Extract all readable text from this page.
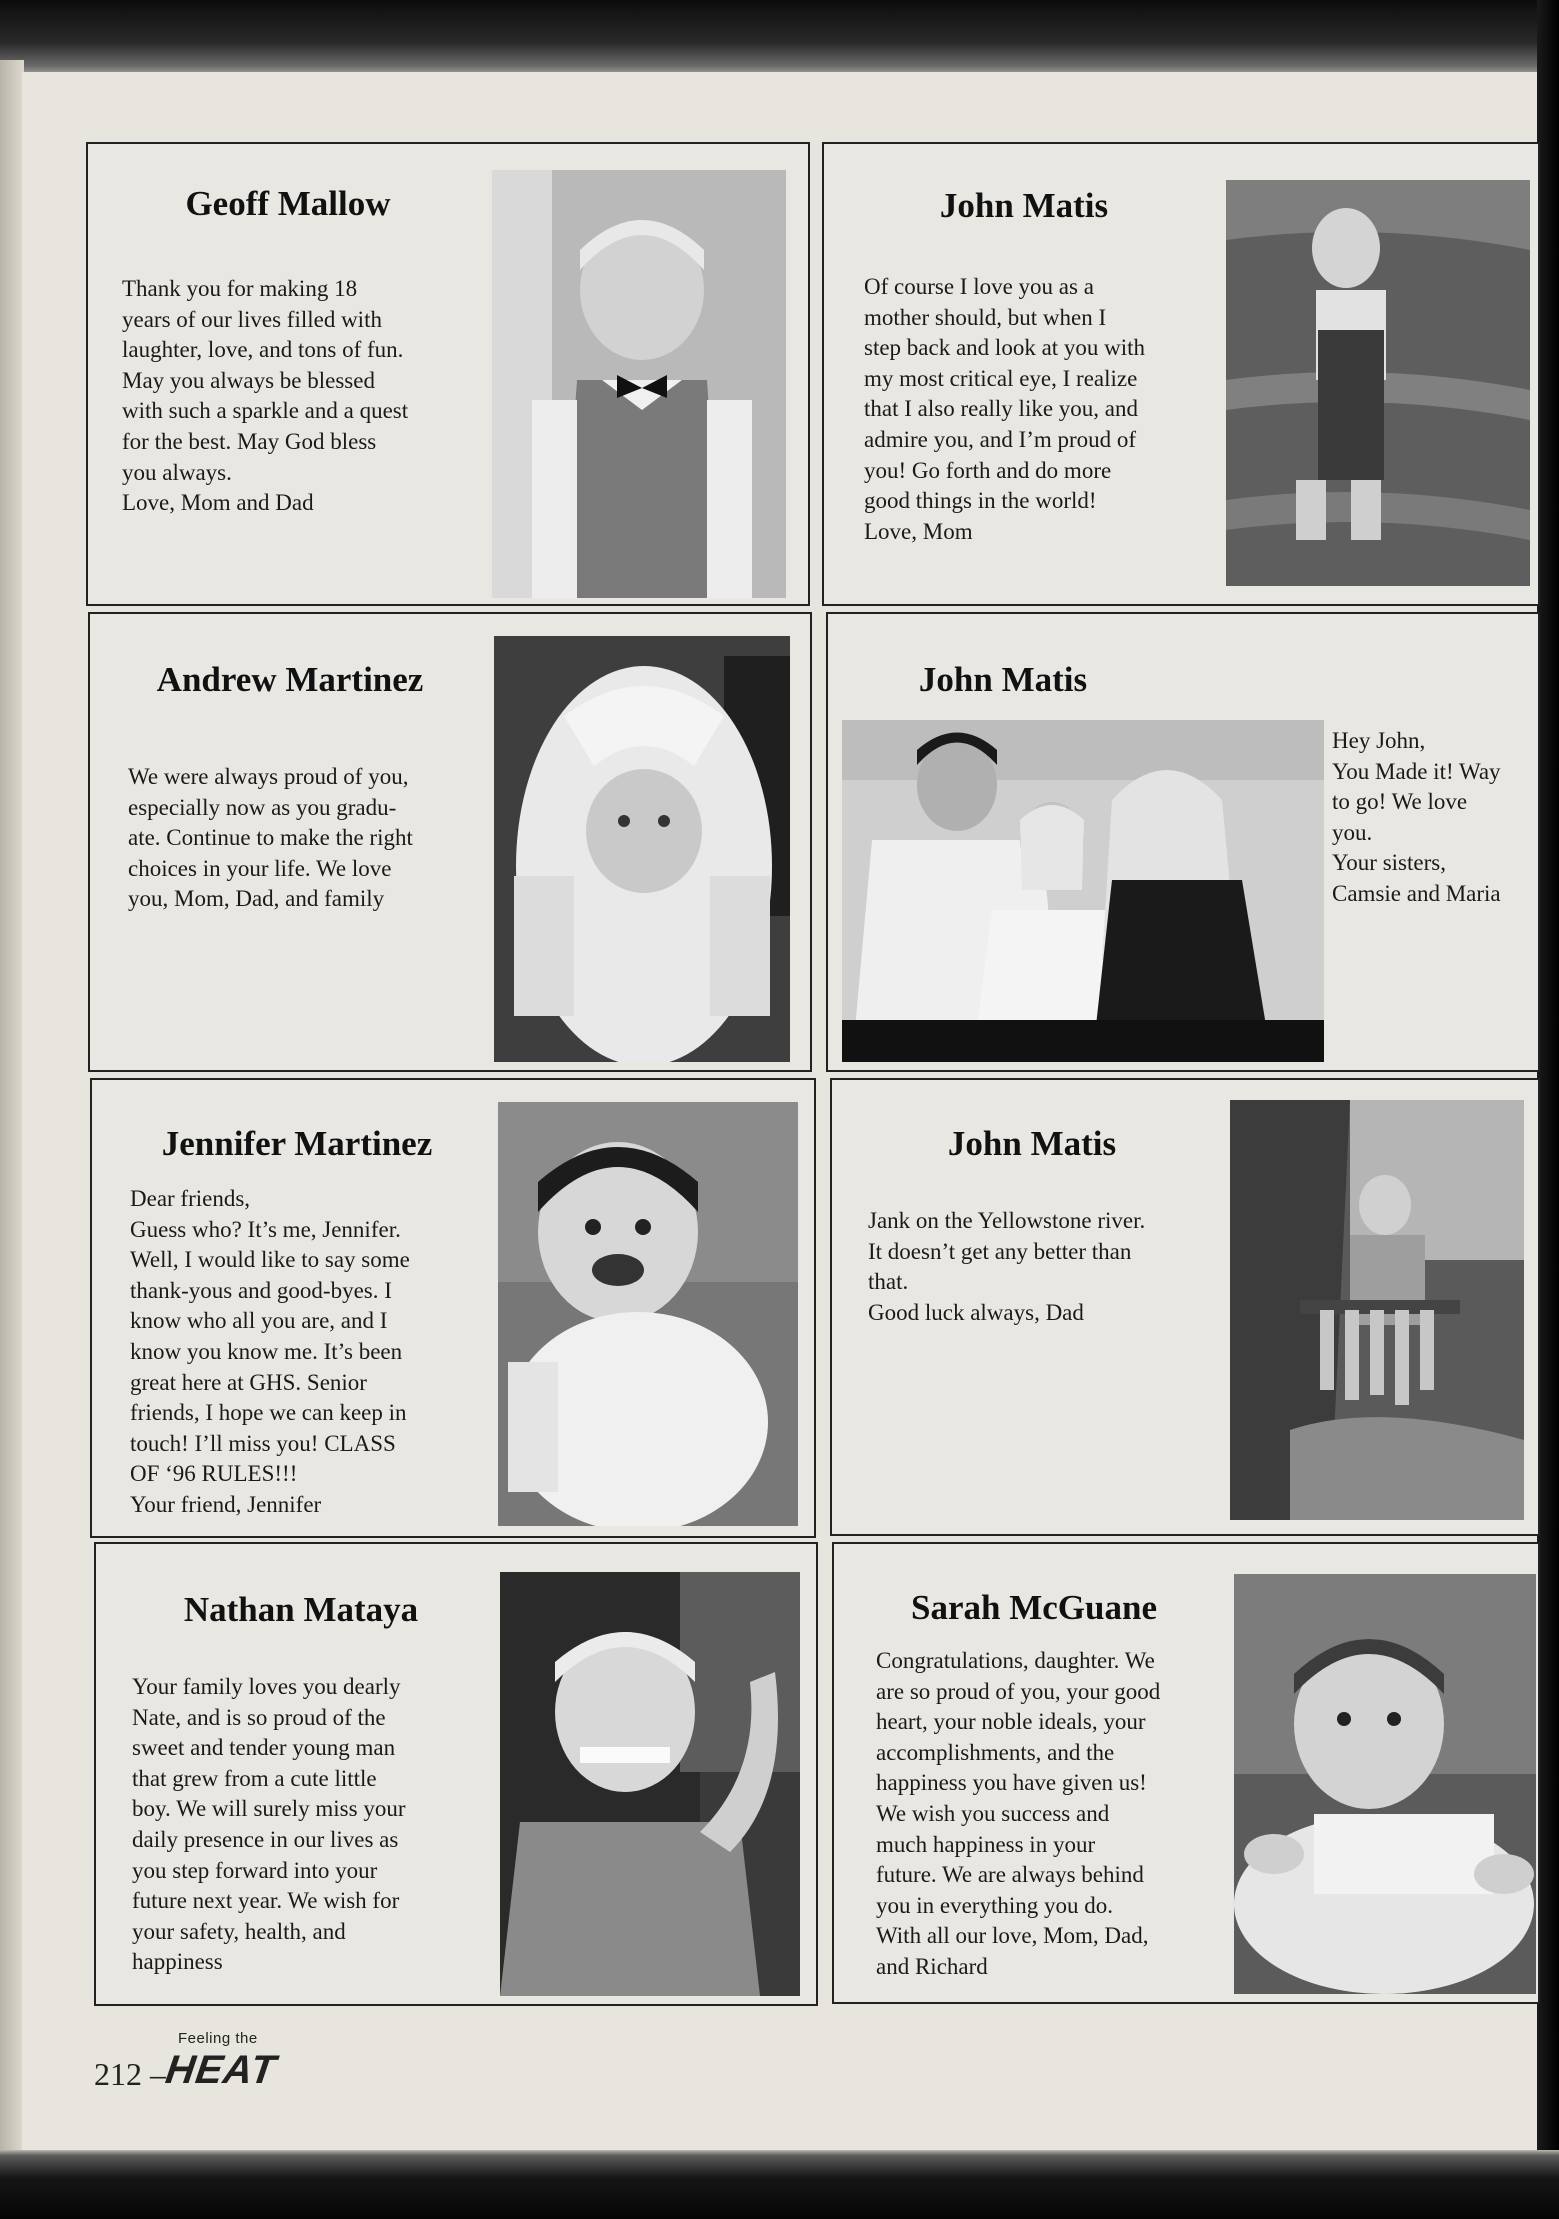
Geoff Mallow

Thank you for making 18
years of our lives filled with
laughter, love, and tons of fun.
May you always be blessed
with such a sparkle and a quest
for the best. May God bless
you always.
Love, Mom and Dad

John Matis

Of course I love you as a
mother should, but when I
step back and look at you with
my most critical eye, I realize
that I also really like you, and
admire you, and I’m proud of
you! Go forth and do more
good things in the world!
Love, Mom

Andrew Martinez

We were always proud of you,
especially now as you gradu-
ate. Continue to make the right
choices in your life. We love
you, Mom, Dad, and family

John Matis

Hey John,
You Made it! Way
to go! We love
you.
Your sisters,
Camsie and Maria

Jennifer Martinez

Dear friends,
Guess who? It’s me, Jennifer.
Well, I would like to say some
thank-yous and good-byes. I
know who all you are, and I
know you know me. It’s been
great here at GHS. Senior
friends, I hope we can keep in
touch! I’ll miss you! CLASS
OF ‘96 RULES!!!
Your friend, Jennifer

John Matis

Jank on the Yellowstone river.
It doesn’t get any better than
that.
Good luck always, Dad

Nathan Mataya

Your family loves you dearly
Nate, and is so proud of the
sweet and tender young man
that grew from a cute little
boy. We will surely miss your
daily presence in our lives as
you step forward into your
future next year. We wish for
your safety, health, and
happiness

Sarah McGuane

Congratulations, daughter. We
are so proud of you, your good
heart, your noble ideals, your
accomplishments, and the
happiness you have given us!
We wish you success and
much happiness in your
future. We are always behind
you in everything you do.
With all our love, Mom, Dad,
and Richard

212 –

Feeling the

HEAT
